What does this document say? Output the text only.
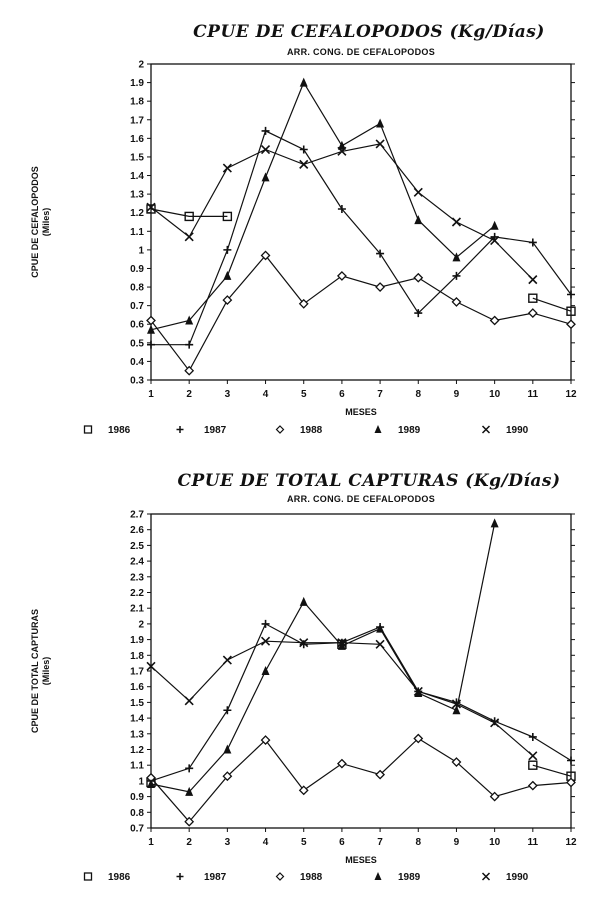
CPUE DE CEFALOPODOS (Kg/Días)
ARR. CONG. DE CEFALOPODOS
0.3
0.4
0.5
0.6
0.7
0.8
0.9
1
1.1
1.2
1.3
1.4
1.5
1.6
1.7
1.8
1.9
2
1	2	3	4	5	6	7	8	9	10	11	12
MESES
CPUE DE CEFALOPODOS (Miles)
1986	1987	1988	1989	1990
CPUE DE TOTAL CAPTURAS (Kg/Días)
ARR. CONG. DE CEFALOPODOS
0.7
0.8
0.9
1
1.1
1.2
1.3
1.4
1.5
1.6
1.7
1.8
1.9
2
2.1
2.2
2.3
2.4
2.5
2.6
2.7
1	2	3	4	5	6	7	8	9	10	11	12
MESES
CPUE DE TOTAL CAPTURAS (Miles)
1986	1987	1988	1989	1990
